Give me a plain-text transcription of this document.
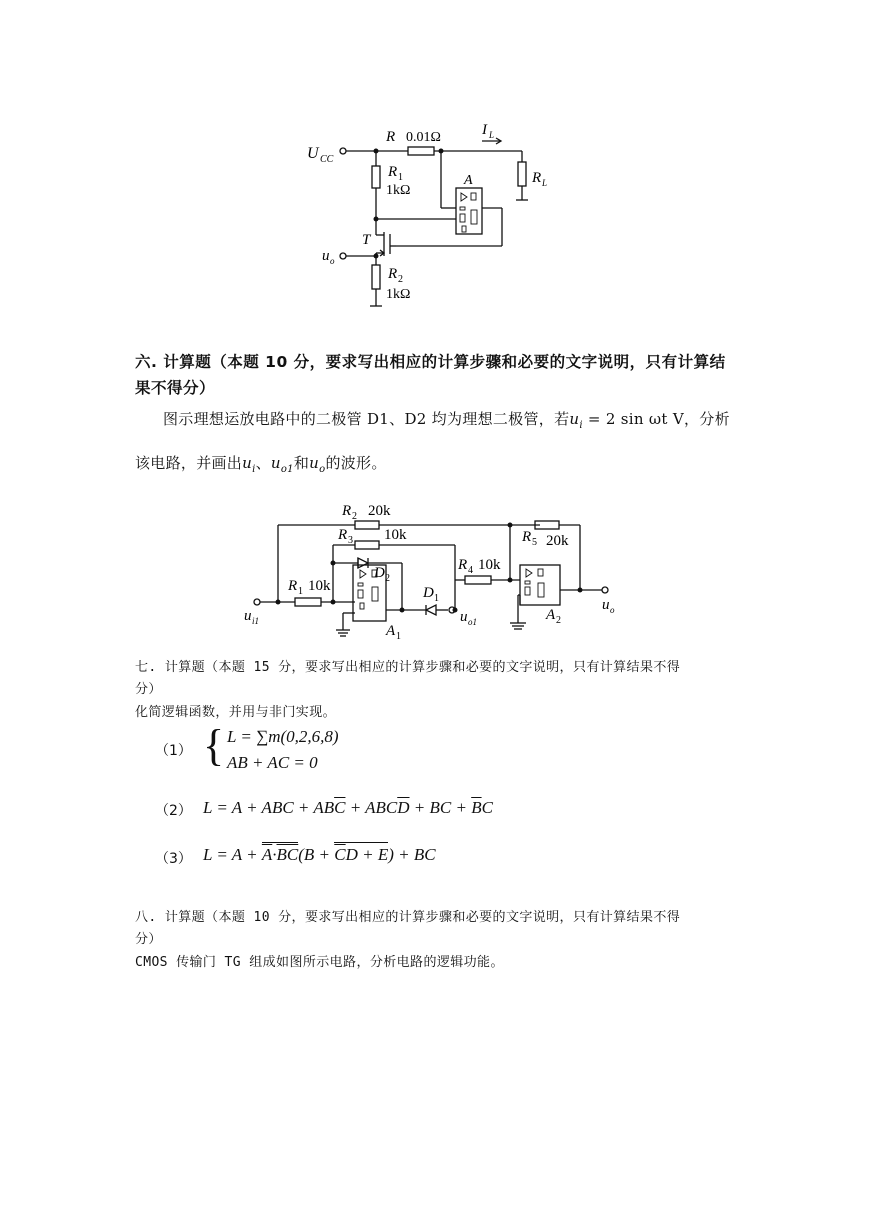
U CC
R 0.01Ω	I L
R 1
1kΩ
R L
A
T
u o
R 2
1kΩ
六. 计算题（本题 10 分，要求写出相应的计算步骤和必要的文字说明，只有计算结
果不得分）
图示理想运放电路中的二极管 D1、D2 均为理想二极管，若$u_i = 2$ sin ωt V，分析
该电路，并画出$u_i$、$u_{o1}$和$u_o$的波形。
R 2 20k
R 3 10k	R 5 20k
D 2
R 4 10k
R 1 10k	D 1
u i1
A 1
u o1	A 2
u o
七. 计算题（本题 15 分，要求写出相应的计算步骤和必要的文字说明，只有计算结果不得
分）
化简逻辑函数，并用与非门实现。
（1） { L = ∑m(0,2,6,8)
AB + AC = 0
（2） L = A + ABC + $AB\overline{C} + ABC\overline{D}$ + BC + $\overline{B}C$
（3） $L = A + \overline{A}\cdot\overline{BC}(B + \overline{C}D + E)$ + BC
八. 计算题（本题 10 分，要求写出相应的计算步骤和必要的文字说明，只有计算结果不得
分）
CMOS 传输门 TG 组成如图所示电路，分析电路的逻辑功能。
